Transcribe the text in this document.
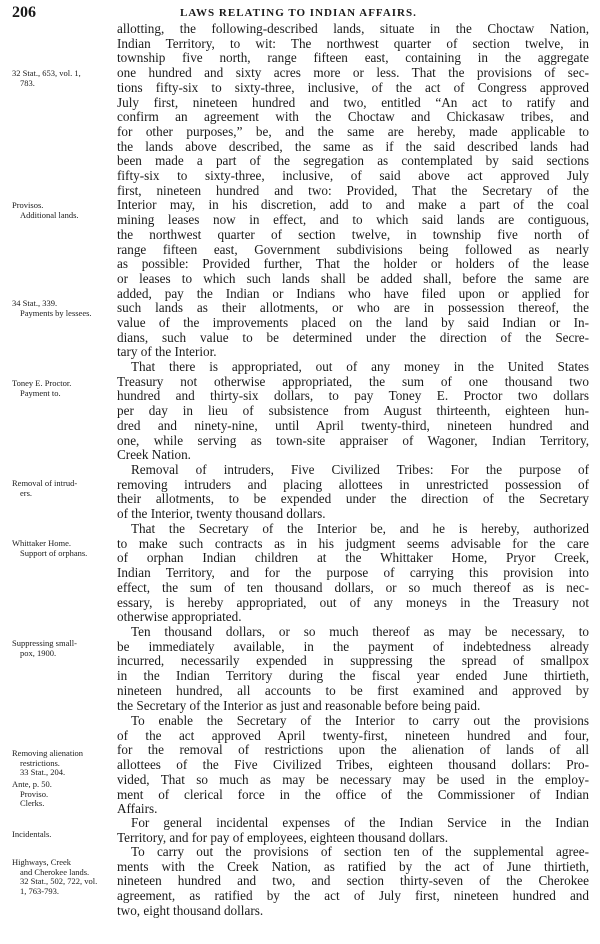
206	LAWS RELATING TO INDIAN AFFAIRS.
32 Stat., 653, vol. 1,
783.
Provisos.
Additional lands.
34 Stat., 339.
Payments by lessees.
Toney E. Proctor.
Payment to.
Removal of intrud-
ers.
Whittaker Home.
Support of orphans.
Suppressing small-
pox, 1900.
Removing alienation
restrictions.
33 Stat., 204.
Ante, p. 50.
Proviso.
Clerks.
Incidentals.
Highways, Creek
and Cherokee lands.
32 Stat., 502, 722, vol.
1, 763-793.
allotting, the following-described lands, situate in the Choctaw Nation,
Indian Territory, to wit: The northwest quarter of section twelve, in
township five north, range fifteen east, containing in the aggregate
one hundred and sixty acres more or less. That the provisions of sec-
tions fifty-six to sixty-three, inclusive, of the act of Congress approved
July first, nineteen hundred and two, entitled “An act to ratify and
confirm an agreement with the Choctaw and Chickasaw tribes, and
for other purposes,” be, and the same are hereby, made applicable to
the lands above described, the same as if the said described lands had
been made a part of the segregation as contemplated by said sections
fifty-six to sixty-three, inclusive, of said above act approved July
first, nineteen hundred and two: Provided, That the Secretary of the
Interior may, in his discretion, add to and make a part of the coal
mining leases now in effect, and to which said lands are contiguous,
the northwest quarter of section twelve, in township five north of
range fifteen east, Government subdivisions being followed as nearly
as possible: Provided further, That the holder or holders of the lease
or leases to which such lands shall be added shall, before the same are
added, pay the Indian or Indians who have filed upon or applied for
such lands as their allotments, or who are in possession thereof, the
value of the improvements placed on the land by said Indian or In-
dians, such value to be determined under the direction of the Secre-
tary of the Interior.
That there is appropriated, out of any money in the United States
Treasury not otherwise appropriated, the sum of one thousand two
hundred and thirty-six dollars, to pay Toney E. Proctor two dollars
per day in lieu of subsistence from August thirteenth, eighteen hun-
dred and ninety-nine, until April twenty-third, nineteen hundred and
one, while serving as town-site appraiser of Wagoner, Indian Territory,
Creek Nation.
Removal of intruders, Five Civilized Tribes: For the purpose of
removing intruders and placing allottees in unrestricted possession of
their allotments, to be expended under the direction of the Secretary
of the Interior, twenty thousand dollars.
That the Secretary of the Interior be, and he is hereby, authorized
to make such contracts as in his judgment seems advisable for the care
of orphan Indian children at the Whittaker Home, Pryor Creek,
Indian Territory, and for the purpose of carrying this provision into
effect, the sum of ten thousand dollars, or so much thereof as is nec-
essary, is hereby appropriated, out of any moneys in the Treasury not
otherwise appropriated.
Ten thousand dollars, or so much thereof as may be necessary, to
be immediately available, in the payment of indebtedness already
incurred, necessarily expended in suppressing the spread of smallpox
in the Indian Territory during the fiscal year ended June thirtieth,
nineteen hundred, all accounts to be first examined and approved by
the Secretary of the Interior as just and reasonable before being paid.
To enable the Secretary of the Interior to carry out the provisions
of the act approved April twenty-first, nineteen hundred and four,
for the removal of restrictions upon the alienation of lands of all
allottees of the Five Civilized Tribes, eighteen thousand dollars: Pro-
vided, That so much as may be necessary may be used in the employ-
ment of clerical force in the office of the Commissioner of Indian
Affairs.
For general incidental expenses of the Indian Service in the Indian
Territory, and for pay of employees, eighteen thousand dollars.
To carry out the provisions of section ten of the supplemental agree-
ments with the Creek Nation, as ratified by the act of June thirtieth,
nineteen hundred and two, and section thirty-seven of the Cherokee
agreement, as ratified by the act of July first, nineteen hundred and
two, eight thousand dollars.
